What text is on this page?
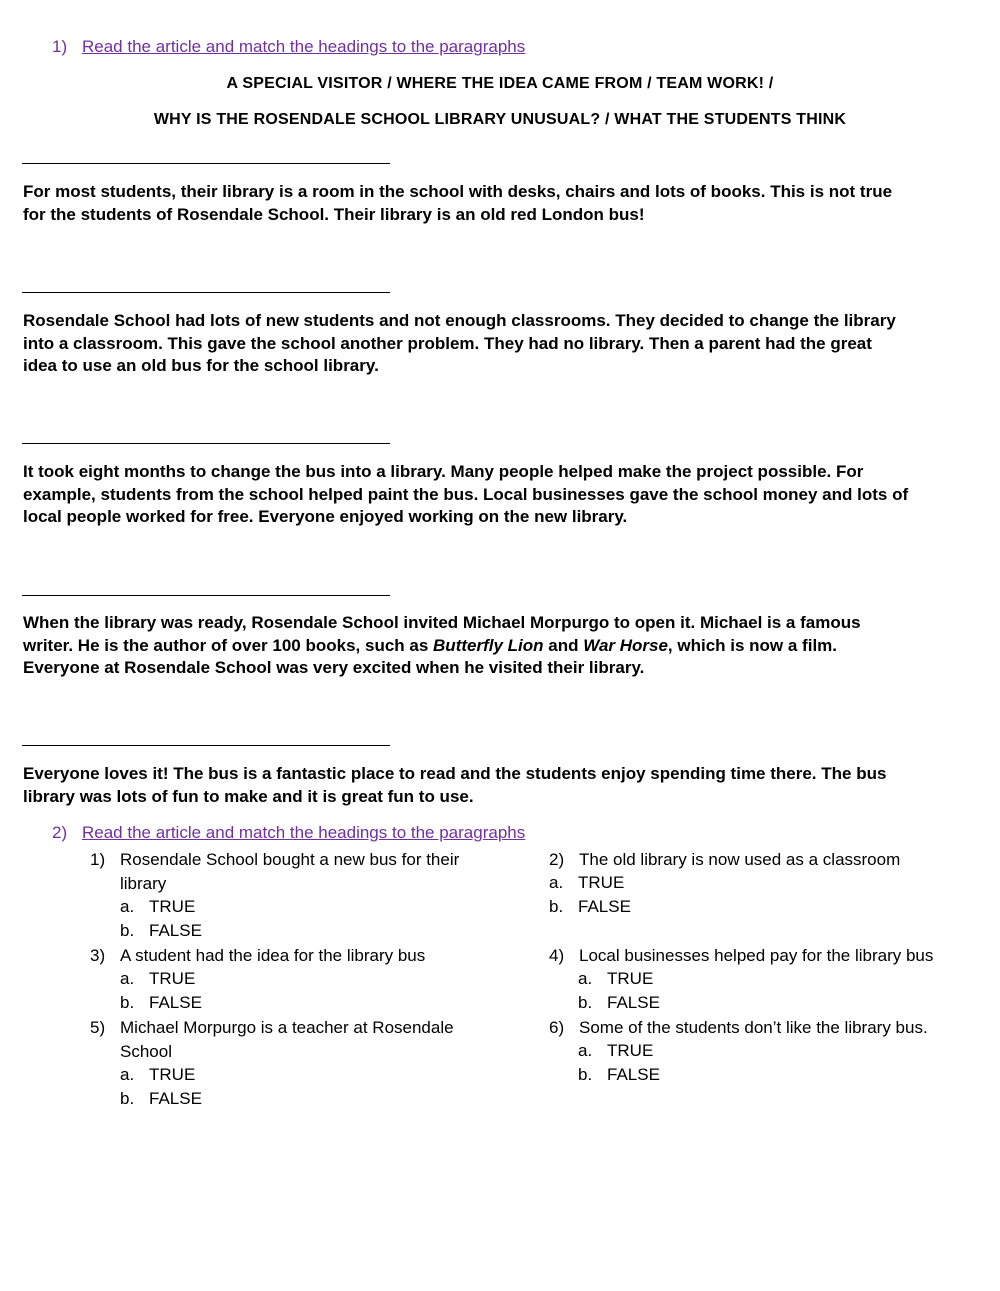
1) Read the article and match the headings to the paragraphs
A SPECIAL VISITOR / WHERE THE IDEA CAME FROM / TEAM WORK! /
WHY IS THE ROSENDALE SCHOOL LIBRARY UNUSUAL? / WHAT THE STUDENTS THINK
For most students, their library is a room in the school with desks, chairs and lots of books. This is not true
for the students of Rosendale School. Their library is an old red London bus!
Rosendale School had lots of new students and not enough classrooms. They decided to change the library
into a classroom. This gave the school another problem. They had no library. Then a parent had the great
idea to use an old bus for the school library.
It took eight months to change the bus into a library. Many people helped make the project possible. For
example, students from the school helped paint the bus. Local businesses gave the school money and lots of
local people worked for free. Everyone enjoyed working on the new library.
When the library was ready, Rosendale School invited Michael Morpurgo to open it. Michael is a famous
writer. He is the author of over 100 books, such as Butterfly Lion and War Horse, which is now a film.
Everyone at Rosendale School was very excited when he visited their library.
Everyone loves it! The bus is a fantastic place to read and the students enjoy spending time there. The bus
library was lots of fun to make and it is great fun to use.
2) Read the article and match the headings to the paragraphs
1) Rosendale School bought a new bus for their
library
a. TRUE
b. FALSE
2) The old library is now used as a classroom
a. TRUE
b. FALSE
3) A student had the idea for the library bus
a. TRUE
b. FALSE
4) Local businesses helped pay for the library bus
a. TRUE
b. FALSE
5) Michael Morpurgo is a teacher at Rosendale
School
a. TRUE
b. FALSE
6) Some of the students don’t like the library bus.
a. TRUE
b. FALSE
